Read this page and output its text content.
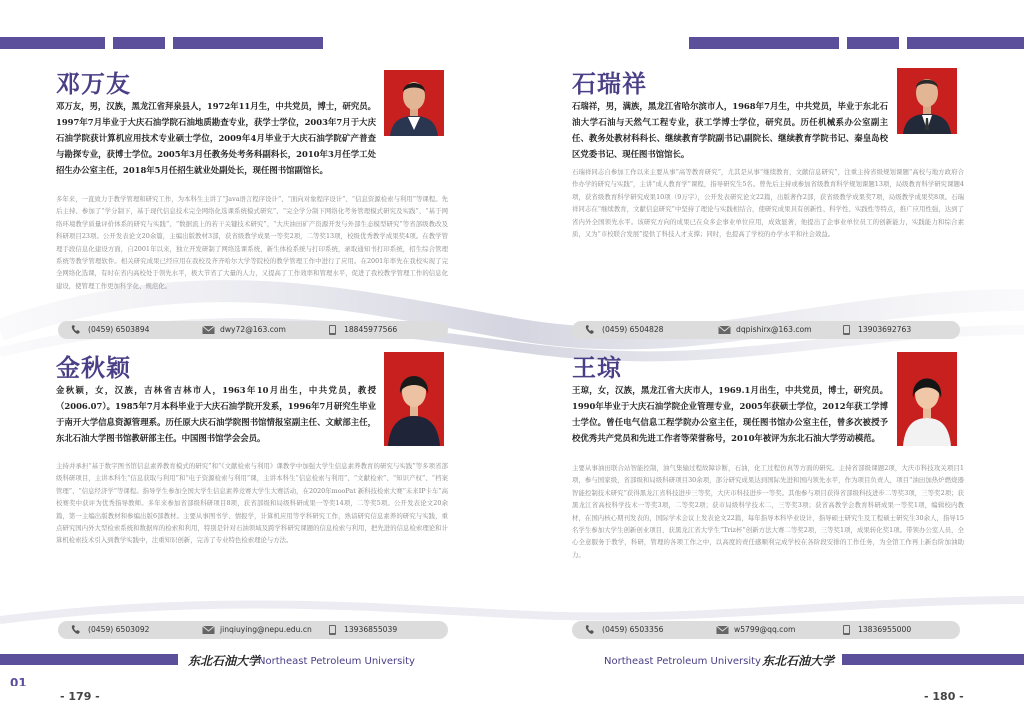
邓万友
邓万友，男，汉族，黑龙江省拜泉县人，1972年11月生，中共党员，博士，研究员。1997年7月毕业于大庆石油学院石油地质勘查专业，获学士学位，2003年7月于大庆石油学院获计算机应用技术专业硕士学位，2009年4月毕业于大庆石油学院矿产普查与勘探专业，获博士学位。2005年3月任教务处考务科副科长，2010年3月任学工处招生办公室主任，2018年5月任招生就业处副处长，现任图书馆副馆长。
多年来，一直致力于教学管理和研究工作，为本科生主讲了“Java语言程序设计”、“面向对象程序设计”、“信息资源检索与利用”等课程。先后主持、参加了“学分制下，基于现代信息技术完全网络化选课系统模式研究”、“完全学分制下网络化考务管理模式研究及实践”、“基于网络环境教学质量评价体系的研究与实践”、“数据流上的若干关键技术研究”、“大庆油田矿产资源开发与外部生态模型研究”等省部级教改及科研项目23项。公开发表论文20余篇，主编出版教材3部，获省级教学成果一等奖2项，二等奖13项，校级优秀教学成果奖4项。在教学管理手段信息化建设方面，自2001年以来，独立开发研制了网络选课系统，新生体检系统与打印系统，录取通知书打印系统，招生综合管理系统等教学管理软件。相关研究成果已经应用在我校及齐齐哈尔大学等院校的教学管理工作中进行了应用。在2001年率先在我校实现了完全网络化选课，有时在省内高校处于领先水平，极大节省了大量的人力，又提高了工作效率和管理水平，促进了我校教学管理工作的信息化建设，使管理工作更加科学化、规范化。
(0459) 6503894	dwy72@163.com	18845977566
金秋颖
金秋颖，女，汉族，吉林省吉林市人，1963年10月出生，中共党员，教授（2006.07）。1985年7月本科毕业于大庆石油学院开发系，1996年7月研究生毕业于南开大学信息资源管理系。历任原大庆石油学院图书馆情报室副主任、文献部主任，东北石油大学图书馆教研部主任。中国图书馆学会会员。
主持并承担“基于数字图书馆信息素养教育模式的研究”和“《文献检索与利用》课教学中加强大学生信息素养教育的研究与实践”等多项省部级科研项目，主讲本科生“信息获取与利用”和“电子资源检索与利用”课，主讲本科生“信息检索与利用”、“文献检索”、“知识产权”、“档案管理”、“信息经济学”等课程。指导学生参加全国大学生信息素养竞赛大学生大赛活动，在2020年mooPat 新科技检索大赛“未来IP卡车”高校赛奖中获评为优秀指导教师。多年来参加省部级科研项目8项，获省部级和局级科研成果一等奖14项，二等奖5项。公开发表论文20余篇，第一主编出版教材和参编出版6部教材。主要从事图书学、情报学，计算机应用等学科研究工作，熟谙研究信息素养的研究与实践，重点研究国内外大型检索系统和数据库的检索和利用，特别是针对石油领域及跨学科研究课题的信息检索与利用，把先进的信息检索理论和计算机检索技术引入到教学实践中，注重知识创新，完善了专业特色检索理论与方法。
(0459) 6503092	jinqiuying@nepu.edu.cn	13936855039
东北石油大学
Northeast Petroleum University
- 179 -
01
石瑞祥
石瑞祥，男，满族，黑龙江省哈尔滨市人，1968年7月生，中共党员，毕业于东北石油大学石油与天然气工程专业，获工学博士学位，研究员。历任机械系办公室副主任、教务处教材科科长、继续教育学院副书记\副院长、继续教育学院书记、秦皇岛校区党委书记、现任图书馆馆长。
石瑞祥同志自参加工作以来主要从事“高等教育研究”，尤其是从事“继续教育，文献信息研究”，注重主持省级规划课题“高校与地方政府合作办学的研究与实践”，主讲“成人教育学”课程，指导研究生5名。曾先后主持或参加省级教育科学规划课题13项，局级教育科学研究课题4项，获省级教育科学研究成果10项（9万字），公开发表研究论文22篇，出版著作2部，获省级教学成果奖7项，局级教学成果奖8项。石瑞祥同志在“继续教育，文献信息研究”中坚持了理论与实践相结合，使研究成果具有创新性、科学性、实践性等特点，推广应用性强，达到了省内外全国领先水平。该研究方向的成果已在众多企事业单位应用，成效显著，他提出了企事业单位员工的创新能力，实践能力和综合素质，又为“市校联合发展”提供了科技人才支撑；同时，也提高了学校的办学水平和社会效益。
(0459) 6504828	dqpishirx@163.com	13903692763
王琼
王琼，女，汉族，黑龙江省大庆市人，1969.1月出生，中共党员，博士，研究员。1990年毕业于大庆石油学院企业管理专业，2005年获硕士学位，2012年获工学博士学位。曾任电气信息工程学院办公室主任，现任图书馆办公室主任，曾多次被授予校优秀共产党员和先进工作者等荣誉称号，2010年被评为东北石油大学劳动模范。
主要从事油田联合站智能控制，油气集输过程故障诊断，石油，化工过程仿真等方面的研究。主持省部级课题2项，大庆市科技攻关项目1项，参与国家级，省部级和局级科研项目30余项，部分研究成果达到国际先进和国内领先水平，作为项目负责人，项目“油田加热炉燃烧器智能控制技术研究”获得黑龙江省科技进步三等奖，大庆市科技进步一等奖。其他参与项目获得省部级科技进步二等奖3项，三等奖2项；获黑龙江省高校科学技术一等奖3项，二等奖2项；获市局级科学技术二，三等奖3项；获省高教学会教育科研成果一等奖1项，编辑校内教材，在国内核心期刊发表的，国际学术会议上发表论文22篇，每年指导本科毕业设计，指导硕士研究生及工程硕士研究生30余人，指导15名学生参加大学生创新创业项目，获黑龙江省大学生“Triz杯”创新方法大赛二等奖2项，三等奖1项，成果转化奖1项。带领办公室人员，全心全意服务于教学，科研，管理的各项工作之中，以高度的责任感顺利完成学校在各阶段安排的工作任务，为全馆工作再上新台阶加油助力。
(0459) 6503356	w5799@qq.com	13836955000
Northeast Petroleum University 东北石油大学
- 180 -
